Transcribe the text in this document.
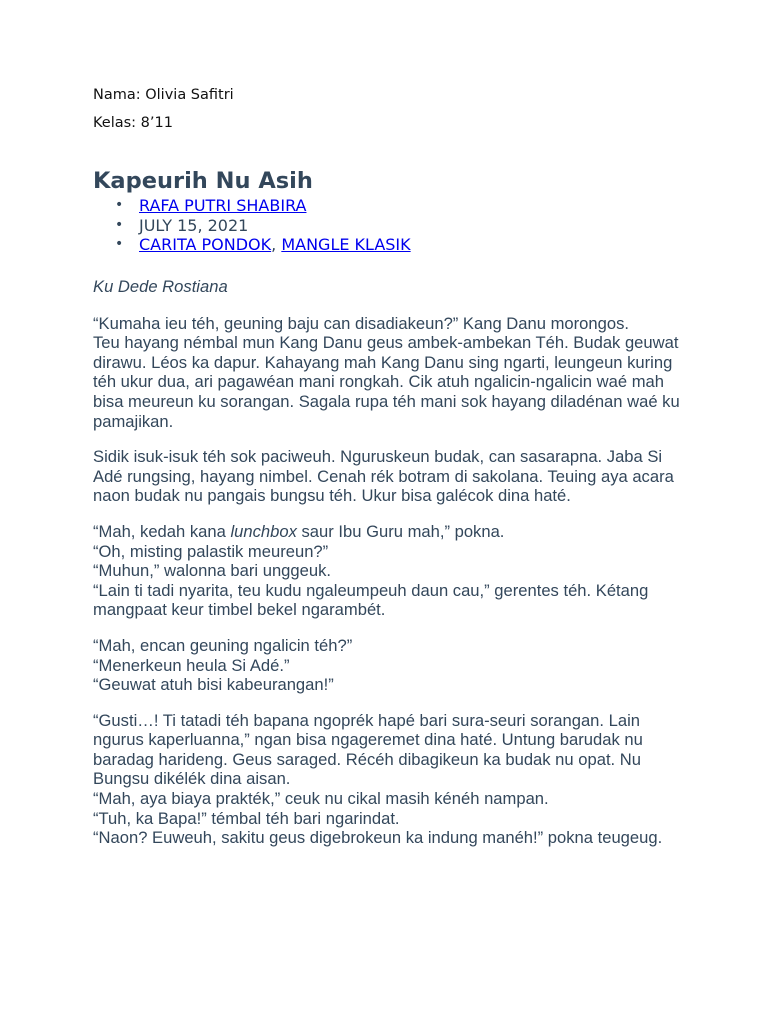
Nama: Olivia Safitri
Kelas: 8’11
Kapeurih Nu Asih
• RAFA PUTRI SHABIRA
• JULY 15, 2021
• CARITA PONDOK, MANGLE KLASIK

Ku Dede Rostiana

“Kumaha ieu téh, geuning baju can disadiakeun?” Kang Danu morongos.
Teu hayang némbal mun Kang Danu geus ambek-ambekan Téh. Budak geuwat dirawu. Léos ka dapur. Kahayang mah Kang Danu sing ngarti, leungeun kuring téh ukur dua, ari pagawéan mani rongkah. Cik atuh ngalicin-ngalicin waé mah bisa meureun ku sorangan. Sagala rupa téh mani sok hayang diladénan waé ku pamajikan.

Sidik isuk-isuk téh sok paciweuh. Nguruskeun budak, can sasarapna. Jaba Si Adé rungsing, hayang nimbel. Cenah rék botram di sakolana. Teuing aya acara naon budak nu pangais bungsu téh. Ukur bisa galécok dina haté.

“Mah, kedah kana lunchbox saur Ibu Guru mah,” pokna.
“Oh, misting palastik meureun?”
“Muhun,” walonna bari unggeuk.
“Lain ti tadi nyarita, teu kudu ngaleumpeuh daun cau,” gerentes téh. Kétang mangpaat keur timbel bekel ngarambét.

“Mah, encan geuning ngalicin téh?”
“Menerkeun heula Si Adé.”
“Geuwat atuh bisi kabeurangan!”

“Gusti…! Ti tatadi téh bapana ngoprék hapé bari sura-seuri sorangan. Lain ngurus kaperluanna,” ngan bisa ngageremet dina haté. Untung barudak nu baradag harideng. Geus saraged. Récéh dibagikeun ka budak nu opat. Nu Bungsu dikélék dina aisan.
“Mah, aya biaya prakték,” ceuk nu cikal masih kénéh nampan.
“Tuh, ka Bapa!” témbal téh bari ngarindat.
“Naon? Euweuh, sakitu geus digebrokeun ka indung manéh!” pokna teugeug.
